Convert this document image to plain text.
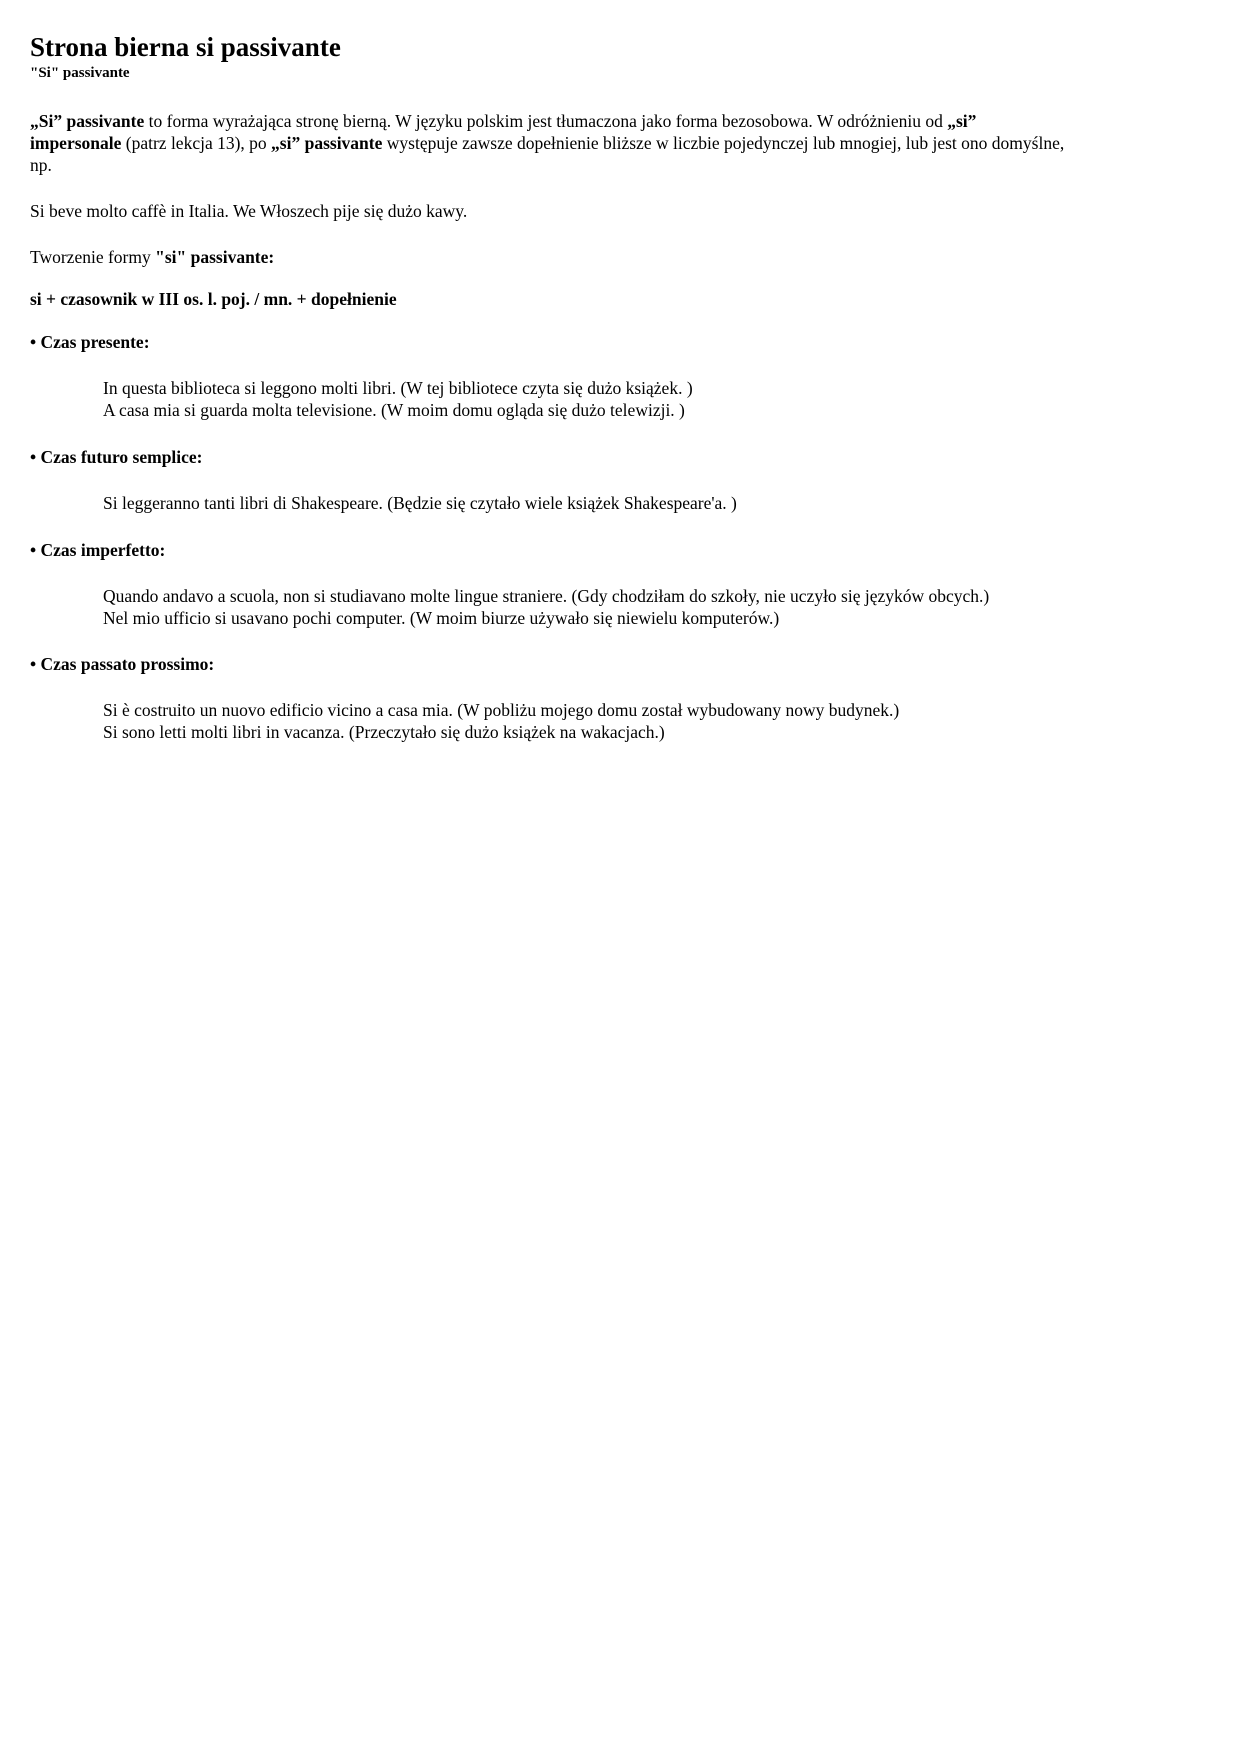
Strona bierna si passivante
"Si" passivante

„Si” passivante to forma wyrażająca stronę bierną. W języku polskim jest tłumaczona jako forma bezosobowa. W odróżnieniu od „si” impersonale (patrz lekcja 13), po „si” passivante występuje zawsze dopełnienie bliższe w liczbie pojedynczej lub mnogiej, lub jest ono domyślne, np.

Si beve molto caffè in Italia. We Włoszech pije się dużo kawy.

Tworzenie formy "si" passivante:

si + czasownik w III os. l. poj. / mn. + dopełnienie

• Czas presente:

In questa biblioteca si leggono molti libri. (W tej bibliotece czyta się dużo książek. )
A casa mia si guarda molta televisione. (W moim domu ogląda się dużo telewizji. )

• Czas futuro semplice:

Si leggeranno tanti libri di Shakespeare. (Będzie się czytało wiele książek Shakespeare'a. )

• Czas imperfetto:

Quando andavo a scuola, non si studiavano molte lingue straniere. (Gdy chodziłam do szkoły, nie uczyło się języków obcych.)
Nel mio ufficio si usavano pochi computer. (W moim biurze używało się niewielu komputerów.)

• Czas passato prossimo:

Si è costruito un nuovo edificio vicino a casa mia. (W pobliżu mojego domu został wybudowany nowy budynek.)
Si sono letti molti libri in vacanza. (Przeczytało się dużo książek na wakacjach.)
